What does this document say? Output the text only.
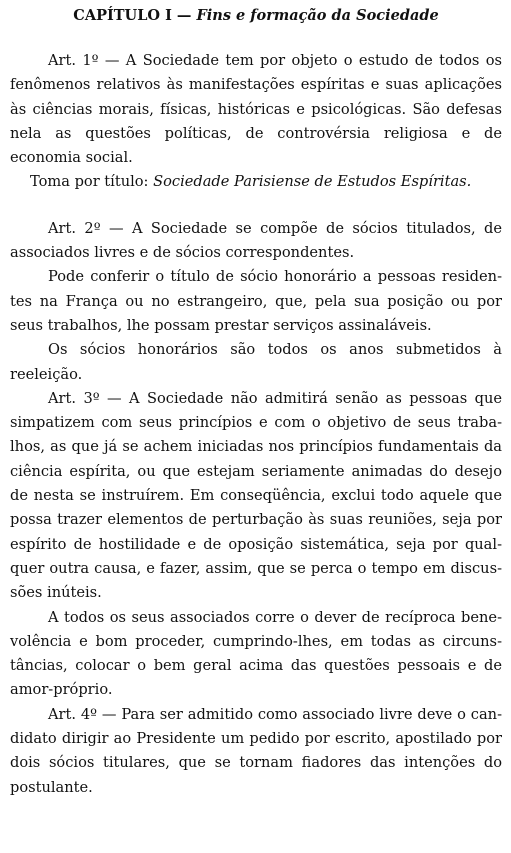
CAPÍTULO I — Fins e formação da Sociedade

Art. 1º — A Sociedade tem por objeto o estudo de todos os fenômenos relativos às manifestações espíritas e suas aplicações às ciências morais, físicas, históricas e psicológicas. São defesas nela as questões políticas, de controvérsia religiosa e de economia social.

Toma por título: Sociedade Parisiense de Estudos Espíritas.

Art. 2º — A Sociedade se compõe de sócios titulados, de associados livres e de sócios correspondentes.

Pode conferir o título de sócio honorário a pessoas residentes na França ou no estrangeiro, que, pela sua posição ou por seus trabalhos, lhe possam prestar serviços assinaláveis.

Os sócios honorários são todos os anos submetidos à reeleição.

Art. 3º — A Sociedade não admitirá senão as pessoas que simpatizem com seus princípios e com o objetivo de seus trabalhos, as que já se achem iniciadas nos princípios fundamentais da ciência espírita, ou que estejam seriamente animadas do desejo de nesta se instruírem. Em conseqüência, exclui todo aquele que possa trazer elementos de perturbação às suas reuniões, seja por espírito de hostilidade e de oposição sistemática, seja por qualquer outra causa, e fazer, assim, que se perca o tempo em discussões inúteis.

A todos os seus associados corre o dever de recíproca benevolência e bom proceder, cumprindo-lhes, em todas as circunstâncias, colocar o bem geral acima das questões pessoais e de amor-próprio.

Art. 4º — Para ser admitido como associado livre deve o candidato dirigir ao Presidente um pedido por escrito, apostilado por dois sócios titulares, que se tornam fiadores das intenções do postulante.
